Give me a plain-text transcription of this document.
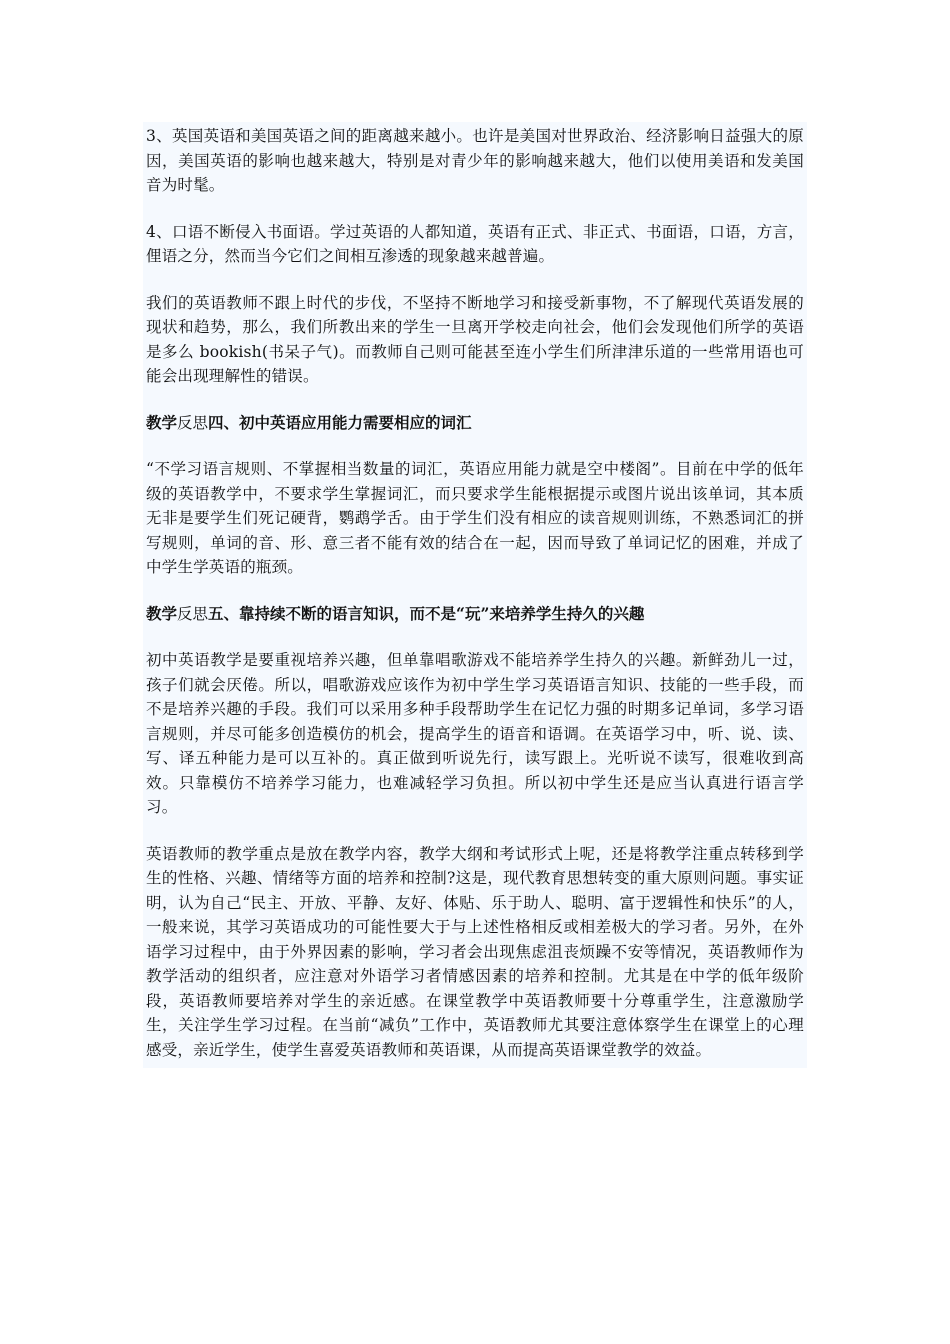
3、英国英语和美国英语之间的距离越来越小。也许是美国对世界政治、经济影响日益强大的原因，美国英语的影响也越来越大，特别是对青少年的影响越来越大，他们以使用美语和发美国音为时髦。

4、口语不断侵入书面语。学过英语的人都知道，英语有正式、非正式、书面语，口语，方言，俚语之分，然而当今它们之间相互渗透的现象越来越普遍。

我们的英语教师不跟上时代的步伐，不坚持不断地学习和接受新事物，不了解现代英语发展的现状和趋势，那么，我们所教出来的学生一旦离开学校走向社会，他们会发现他们所学的英语是多么 bookish(书呆子气)。而教师自己则可能甚至连小学生们所津津乐道的一些常用语也可能会出现理解性的错误。

教学反思四、初中英语应用能力需要相应的词汇

“不学习语言规则、不掌握相当数量的词汇，英语应用能力就是空中楼阁”。目前在中学的低年级的英语教学中，不要求学生掌握词汇，而只要求学生能根据提示或图片说出该单词，其本质无非是要学生们死记硬背，鹦鹉学舌。由于学生们没有相应的读音规则训练，不熟悉词汇的拼写规则，单词的音、形、意三者不能有效的结合在一起，因而导致了单词记忆的困难，并成了中学生学英语的瓶颈。

教学反思五、靠持续不断的语言知识，而不是“玩”来培养学生持久的兴趣

初中英语教学是要重视培养兴趣，但单靠唱歌游戏不能培养学生持久的兴趣。新鲜劲儿一过，孩子们就会厌倦。所以，唱歌游戏应该作为初中学生学习英语语言知识、技能的一些手段，而不是培养兴趣的手段。我们可以采用多种手段帮助学生在记忆力强的时期多记单词，多学习语言规则，并尽可能多创造模仿的机会，提高学生的语音和语调。在英语学习中，听、说、读、写、译五种能力是可以互补的。真正做到听说先行，读写跟上。光听说不读写，很难收到高效。只靠模仿不培养学习能力，也难减轻学习负担。所以初中学生还是应当认真进行语言学习。

英语教师的教学重点是放在教学内容，教学大纲和考试形式上呢，还是将教学注重点转移到学生的性格、兴趣、情绪等方面的培养和控制?这是，现代教育思想转变的重大原则问题。事实证明，认为自己“民主、开放、平静、友好、体贴、乐于助人、聪明、富于逻辑性和快乐”的人，一般来说，其学习英语成功的可能性要大于与上述性格相反或相差极大的学习者。另外，在外语学习过程中，由于外界因素的影响，学习者会出现焦虑沮丧烦躁不安等情况，英语教师作为教学活动的组织者，应注意对外语学习者情感因素的培养和控制。尤其是在中学的低年级阶段，英语教师要培养对学生的亲近感。在课堂教学中英语教师要十分尊重学生，注意激励学生，关注学生学习过程。在当前“减负”工作中，英语教师尤其要注意体察学生在课堂上的心理感受，亲近学生，使学生喜爱英语教师和英语课，从而提高英语课堂教学的效益。
